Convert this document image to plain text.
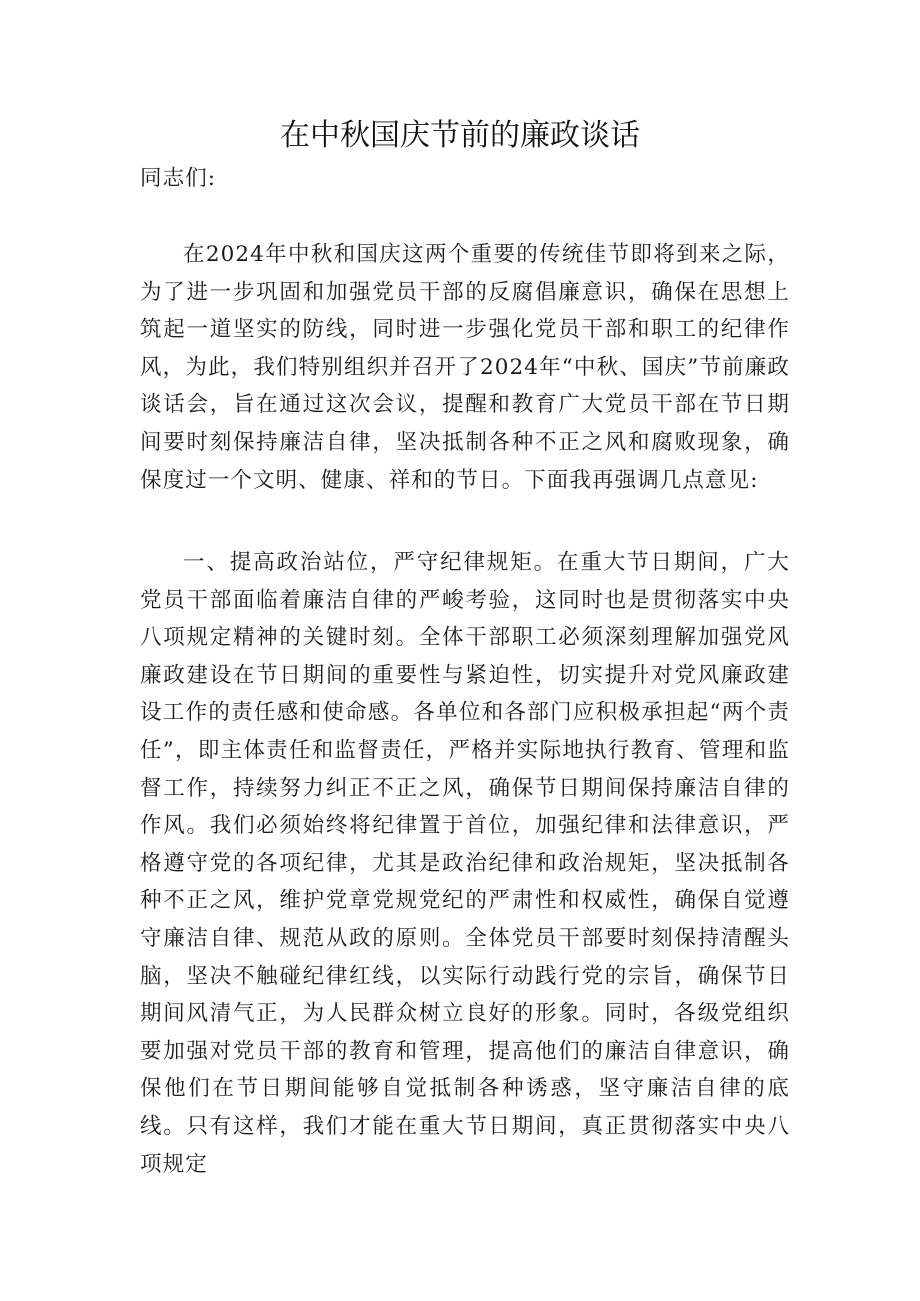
在中秋国庆节前的廉政谈话

同志们:

在2024年中秋和国庆这两个重要的传统佳节即将到来之际，为了进一步巩固和加强党员干部的反腐倡廉意识，确保在思想上筑起一道坚实的防线，同时进一步强化党员干部和职工的纪律作风，为此，我们特别组织并召开了2024年“中秋、国庆”节前廉政谈话会，旨在通过这次会议，提醒和教育广大党员干部在节日期间要时刻保持廉洁自律，坚决抵制各种不正之风和腐败现象，确保度过一个文明、健康、祥和的节日。下面我再强调几点意见:

一、提高政治站位，严守纪律规矩。在重大节日期间，广大党员干部面临着廉洁自律的严峻考验，这同时也是贯彻落实中央八项规定精神的关键时刻。全体干部职工必须深刻理解加强党风廉政建设在节日期间的重要性与紧迫性，切实提升对党风廉政建设工作的责任感和使命感。各单位和各部门应积极承担起“两个责任”，即主体责任和监督责任，严格并实际地执行教育、管理和监督工作，持续努力纠正不正之风，确保节日期间保持廉洁自律的作风。我们必须始终将纪律置于首位，加强纪律和法律意识，严格遵守党的各项纪律，尤其是政治纪律和政治规矩，坚决抵制各种不正之风，维护党章党规党纪的严肃性和权威性，确保自觉遵守廉洁自律、规范从政的原则。全体党员干部要时刻保持清醒头脑，坚决不触碰纪律红线，以实际行动践行党的宗旨，确保节日期间风清气正，为人民群众树立良好的形象。同时，各级党组织要加强对党员干部的教育和管理，提高他们的廉洁自律意识，确保他们在节日期间能够自觉抵制各种诱惑，坚守廉洁自律的底线。只有这样，我们才能在重大节日期间，真正贯彻落实中央八项规定
